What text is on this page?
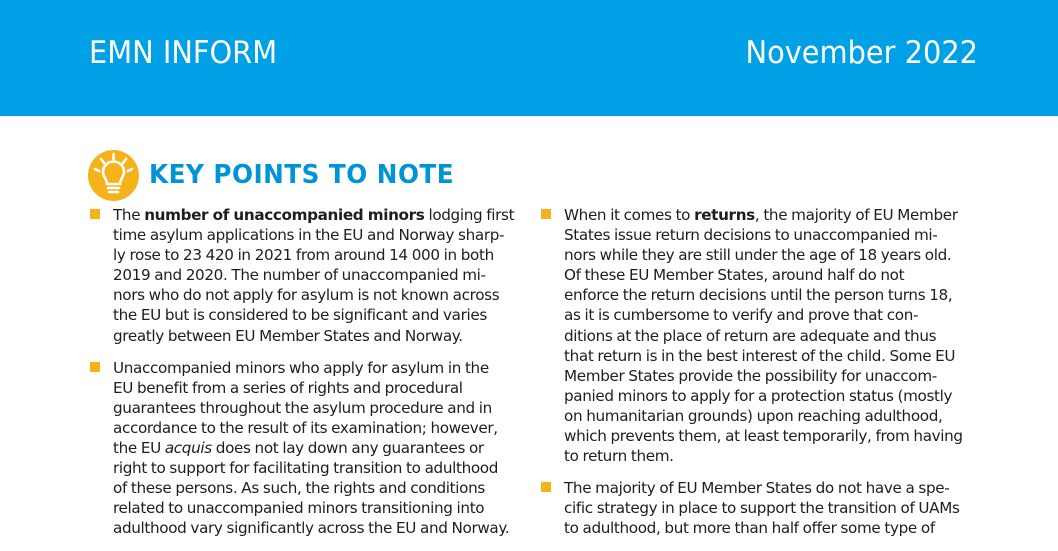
EMN INFORM	November 2022
KEY POINTS TO NOTE

The number of unaccompanied minors lodging first
time asylum applications in the EU and Norway sharp-
ly rose to 23 420 in 2021 from around 14 000 in both
2019 and 2020. The number of unaccompanied mi-
nors who do not apply for asylum is not known across
the EU but is considered to be significant and varies
greatly between EU Member States and Norway.

Unaccompanied minors who apply for asylum in the
EU benefit from a series of rights and procedural
guarantees throughout the asylum procedure and in
accordance to the result of its examination; however,
the EU acquis does not lay down any guarantees or
right to support for facilitating transition to adulthood
of these persons. As such, the rights and conditions
related to unaccompanied minors transitioning into
adulthood vary significantly across the EU and Norway.

When it comes to returns, the majority of EU Member
States issue return decisions to unaccompanied mi-
nors while they are still under the age of 18 years old.
Of these EU Member States, around half do not
enforce the return decisions until the person turns 18,
as it is cumbersome to verify and prove that con-
ditions at the place of return are adequate and thus
that return is in the best interest of the child. Some EU
Member States provide the possibility for unaccom-
panied minors to apply for a protection status (mostly
on humanitarian grounds) upon reaching adulthood,
which prevents them, at least temporarily, from having
to return them.

The majority of EU Member States do not have a spe-
cific strategy in place to support the transition of UAMs
to adulthood, but more than half offer some type of
